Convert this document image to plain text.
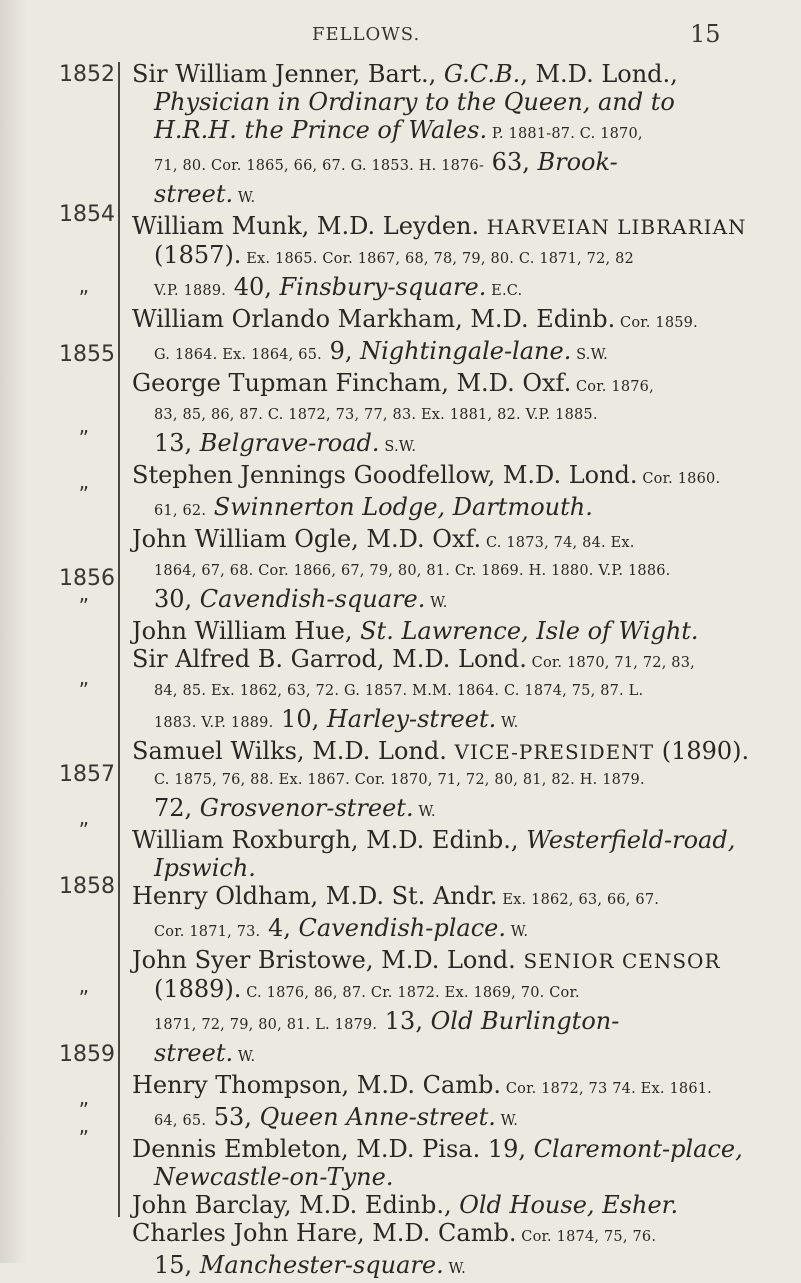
FELLOWS.	15
1852
1854
”
1855
”
”
1856
”
”
1857
”
1858
”
1859
”
”

Sir William Jenner, Bart., G.C.B., M.D. Lond.,
Physician in Ordinary to the Queen, and to
H.R.H. the Prince of Wales. P. 1881-87. C. 1870,
71, 80. Cor. 1865, 66, 67. G. 1853. H. 1876- 63, Brook-
street. W.

William Munk, M.D. Leyden. HARVEIAN LIBRARIAN
(1857). Ex. 1865. Cor. 1867, 68, 78, 79, 80. C. 1871, 72, 82
V.P. 1889. 40, Finsbury-square. E.C.

William Orlando Markham, M.D. Edinb. Cor. 1859.
G. 1864. Ex. 1864, 65. 9, Nightingale-lane. S.W.

George Tupman Fincham, M.D. Oxf. Cor. 1876,
83, 85, 86, 87. C. 1872, 73, 77, 83. Ex. 1881, 82. V.P. 1885.
13, Belgrave-road. S.W.

Stephen Jennings Goodfellow, M.D. Lond. Cor. 1860.
61, 62. Swinnerton Lodge, Dartmouth.

John William Ogle, M.D. Oxf. C. 1873, 74, 84. Ex.
1864, 67, 68. Cor. 1866, 67, 79, 80, 81. Cr. 1869. H. 1880. V.P. 1886.
30, Cavendish-square. W.

John William Hue, St. Lawrence, Isle of Wight.

Sir Alfred B. Garrod, M.D. Lond. Cor. 1870, 71, 72, 83,
84, 85. Ex. 1862, 63, 72. G. 1857. M.M. 1864. C. 1874, 75, 87. L.
1883. V.P. 1889. 10, Harley-street. W.

Samuel Wilks, M.D. Lond. VICE-PRESIDENT (1890).
C. 1875, 76, 88. Ex. 1867. Cor. 1870, 71, 72, 80, 81, 82. H. 1879.
72, Grosvenor-street. W.

William Roxburgh, M.D. Edinb., Westerfield-road,
Ipswich.

Henry Oldham, M.D. St. Andr. Ex. 1862, 63, 66, 67.
Cor. 1871, 73. 4, Cavendish-place. W.

John Syer Bristowe, M.D. Lond. SENIOR CENSOR
(1889). C. 1876, 86, 87. Cr. 1872. Ex. 1869, 70. Cor.
1871, 72, 79, 80, 81. L. 1879. 13, Old Burlington-
street. W.

Henry Thompson, M.D. Camb. Cor. 1872, 73 74. Ex. 1861.
64, 65. 53, Queen Anne-street. W.

Dennis Embleton, M.D. Pisa. 19, Claremont-place,
Newcastle-on-Tyne.

John Barclay, M.D. Edinb., Old House, Esher.

Charles John Hare, M.D. Camb. Cor. 1874, 75, 76.
15, Manchester-square. W.
